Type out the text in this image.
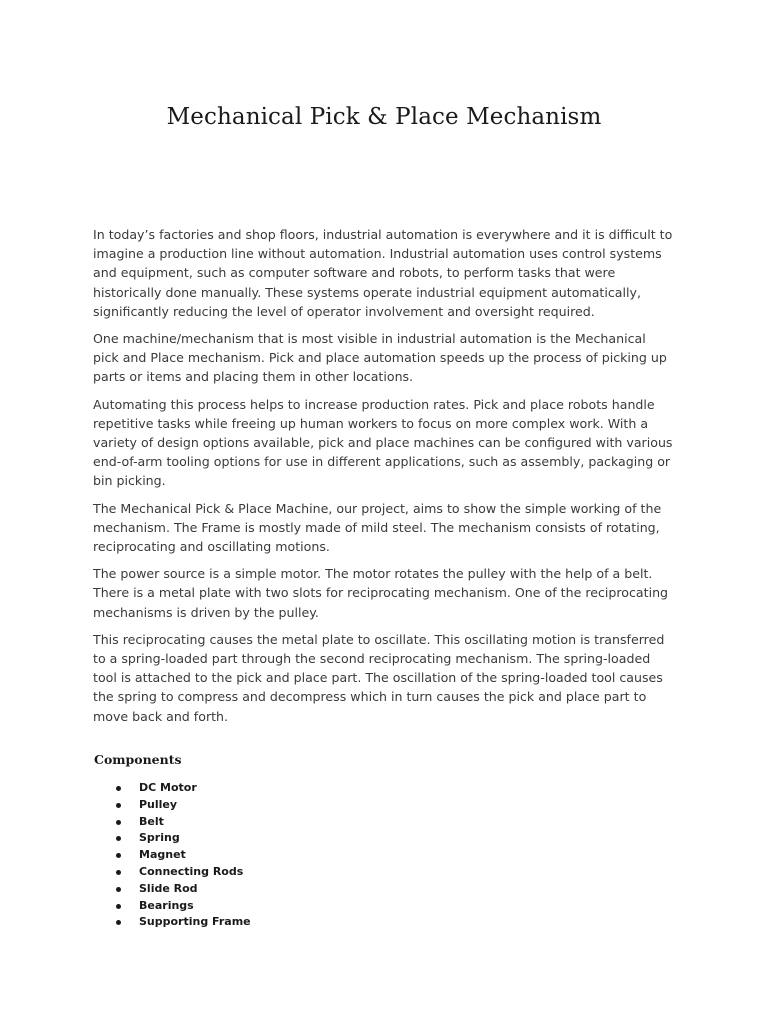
Mechanical Pick & Place Mechanism

In today’s factories and shop floors, industrial automation is everywhere and it is difficult to imagine a production line without automation. Industrial automation uses control systems and equipment, such as computer software and robots, to perform tasks that were historically done manually. These systems operate industrial equipment automatically, significantly reducing the level of operator involvement and oversight required.

One machine/mechanism that is most visible in industrial automation is the Mechanical pick and Place mechanism. Pick and place automation speeds up the process of picking up parts or items and placing them in other locations.

Automating this process helps to increase production rates. Pick and place robots handle repetitive tasks while freeing up human workers to focus on more complex work. With a variety of design options available, pick and place machines can be configured with various end-of-arm tooling options for use in different applications, such as assembly, packaging or bin picking.

The Mechanical Pick & Place Machine, our project, aims to show the simple working of the mechanism. The Frame is mostly made of mild steel. The mechanism consists of rotating, reciprocating and oscillating motions.

The power source is a simple motor. The motor rotates the pulley with the help of a belt. There is a metal plate with two slots for reciprocating mechanism. One of the reciprocating mechanisms is driven by the pulley.

This reciprocating causes the metal plate to oscillate. This oscillating motion is transferred to a spring-loaded part through the second reciprocating mechanism. The spring-loaded tool is attached to the pick and place part. The oscillation of the spring-loaded tool causes the spring to compress and decompress which in turn causes the pick and place part to move back and forth.

Components
DC Motor
Pulley
Belt
Spring
Magnet
Connecting Rods
Slide Rod
Bearings
Supporting Frame
